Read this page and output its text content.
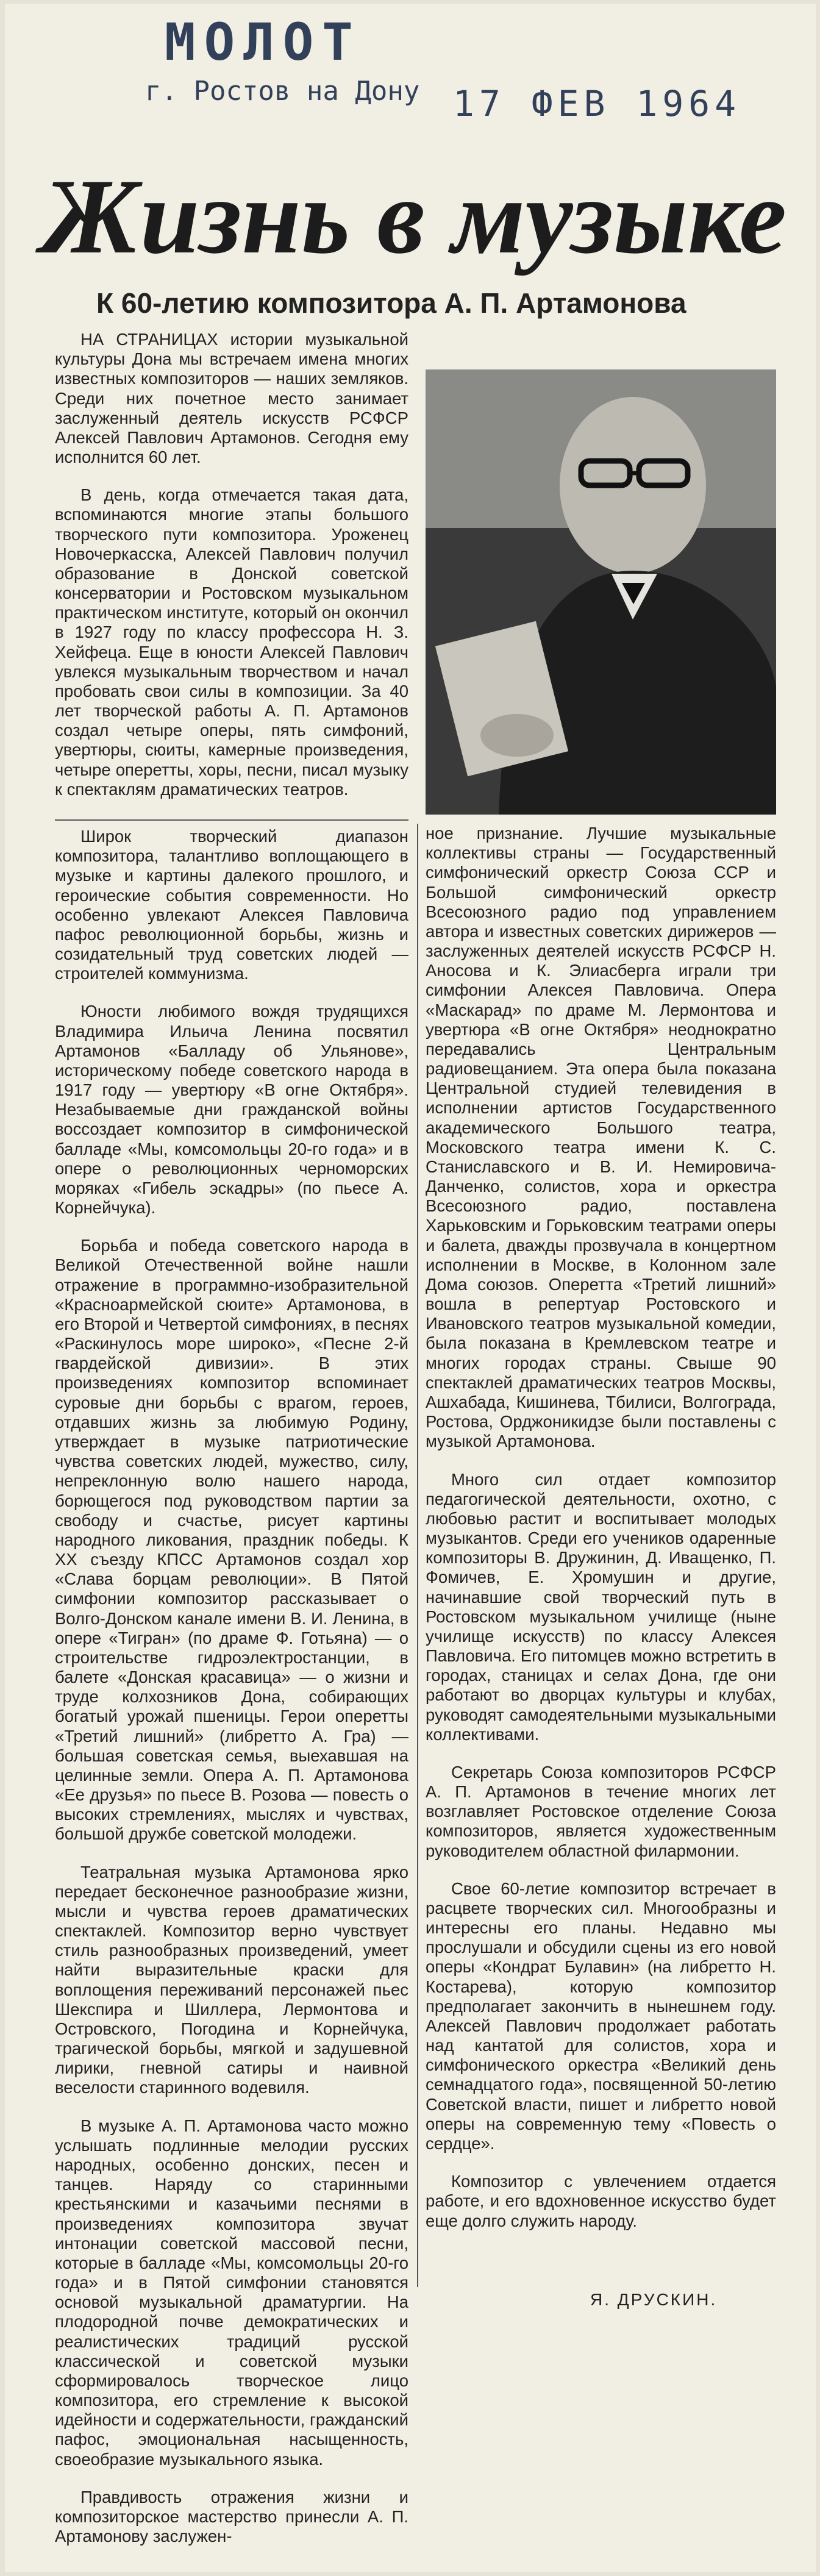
МОЛОТ
г. Ростов на Дону 17 ФЕВ 1964
Жизнь в музыке
К 60-летию композитора А. П. Артамонова

НА СТРАНИЦАХ истории музыкальной культуры Дона мы встречаем имена многих известных композиторов — наших земляков. Среди них почетное место занимает заслуженный деятель искусств РСФСР Алексей Павлович Артамонов. Сегодня ему исполнится 60 лет.

В день, когда отмечается такая дата, вспоминаются многие этапы большого творческого пути композитора. Уроженец Новочеркасска, Алексей Павлович получил образование в Донской советской консерватории и Ростовском музыкальном практическом институте, который он окончил в 1927 году по классу профессора Н. З. Хейфеца. Еще в юности Алексей Павлович увлекся музыкальным творчеством и начал пробовать свои силы в композиции. За 40 лет творческой работы А. П. Артамонов создал четыре оперы, пять симфоний, увертюры, сюиты, камерные произведения, четыре оперетты, хоры, песни, писал музыку к спектаклям драматических театров.

Широк творческий диапазон композитора, талантливо воплощающего в музыке и картины далекого прошлого, и героические события современности. Но особенно увлекают Алексея Павловича пафос революционной борьбы, жизнь и созидательный труд советских людей — строителей коммунизма.

Юности любимого вождя трудящихся Владимира Ильича Ленина посвятил Артамонов «Балладу об Ульянове», историческому победе советского народа в 1917 году — увертюру «В огне Октября». Незабываемые дни гражданской войны воссоздает композитор в симфонической балладе «Мы, комсомольцы 20-го года» и в опере о революционных черноморских моряках «Гибель эскадры» (по пьесе А. Корнейчука).

Борьба и победа советского народа в Великой Отечественной войне нашли отражение в программно-изобразительной «Красноармейской сюите» Артамонова, в его Второй и Четвертой симфониях, в песнях «Раскинулось море широко», «Песне 2-й гвардейской дивизии». В этих произведениях композитор вспоминает суровые дни борьбы с врагом, героев, отдавших жизнь за любимую Родину, утверждает в музыке патриотические чувства советских людей, мужество, силу, непреклонную волю нашего народа, борющегося под руководством партии за свободу и счастье, рисует картины народного ликования, праздник победы. К XX съезду КПСС Артамонов создал хор «Слава борцам революции». В Пятой симфонии композитор рассказывает о Волго-Донском канале имени В. И. Ленина, в опере «Тигран» (по драме Ф. Готьяна) — о строительстве гидроэлектростанции, в балете «Донская красавица» — о жизни и труде колхозников Дона, собирающих богатый урожай пшеницы. Герои оперетты «Третий лишний» (либретто А. Гра) — большая советская семья, выехавшая на целинные земли. Опера А. П. Артамонова «Ее друзья» по пьесе В. Розова — повесть о высоких стремлениях, мыслях и чувствах, большой дружбе советской молодежи.

Театральная музыка Артамонова ярко передает бесконечное разнообразие жизни, мысли и чувства героев драматических спектаклей. Композитор верно чувствует стиль разнообразных произведений, умеет найти выразительные краски для воплощения переживаний персонажей пьес Шекспира и Шиллера, Лермонтова и Островского, Погодина и Корнейчука, трагической борьбы, мягкой и задушевной лирики, гневной сатиры и наивной веселости старинного водевиля.

В музыке А. П. Артамонова часто можно услышать подлинные мелодии русских народных, особенно донских, песен и танцев. Наряду со старинными крестьянскими и казачьими песнями в произведениях композитора звучат интонации советской массовой песни, которые в балладе «Мы, комсомольцы 20-го года» и в Пятой симфонии становятся основой музыкальной драматургии. На плодородной почве демократических и реалистических традиций русской классической и советской музыки сформировалось творческое лицо композитора, его стремление к высокой идейности и содержательности, гражданский пафос, эмоциональная насыщенность, своеобразие музыкального языка.

Правдивость отражения жизни и композиторское мастерство принесли А. П. Артамонову заслужен-

ное признание. Лучшие музыкальные коллективы страны — Государственный симфонический оркестр Союза ССР и Большой симфонический оркестр Всесоюзного радио под управлением автора и известных советских дирижеров — заслуженных деятелей искусств РСФСР Н. Аносова и К. Элиасберга играли три симфонии Алексея Павловича. Опера «Маскарад» по драме М. Лермонтова и увертюра «В огне Октября» неоднократно передавались Центральным радиовещанием. Эта опера была показана Центральной студией телевидения в исполнении артистов Государственного академического Большого театра, Московского театра имени К. С. Станиславского и В. И. Немировича-Данченко, солистов, хора и оркестра Всесоюзного радио, поставлена Харьковским и Горьковским театрами оперы и балета, дважды прозвучала в концертном исполнении в Москве, в Колонном зале Дома союзов. Оперетта «Третий лишний» вошла в репертуар Ростовского и Ивановского театров музыкальной комедии, была показана в Кремлевском театре и многих городах страны. Свыше 90 спектаклей драматических театров Москвы, Ашхабада, Кишинева, Тбилиси, Волгограда, Ростова, Орджоникидзе были поставлены с музыкой Артамонова.

Много сил отдает композитор педагогической деятельности, охотно, с любовью растит и воспитывает молодых музыкантов. Среди его учеников одаренные композиторы В. Дружинин, Д. Иващенко, П. Фомичев, Е. Хромушин и другие, начинавшие свой творческий путь в Ростовском музыкальном училище (ныне училище искусств) по классу Алексея Павловича. Его питомцев можно встретить в городах, станицах и селах Дона, где они работают во дворцах культуры и клубах, руководят самодеятельными музыкальными коллективами.

Секретарь Союза композиторов РСФСР А. П. Артамонов в течение многих лет возглавляет Ростовское отделение Союза композиторов, является художественным руководителем областной филармонии.

Свое 60-летие композитор встречает в расцвете творческих сил. Многообразны и интересны его планы. Недавно мы прослушали и обсудили сцены из его новой оперы «Кондрат Булавин» (на либретто Н. Костарева), которую композитор предполагает закончить в нынешнем году. Алексей Павлович продолжает работать над кантатой для солистов, хора и симфонического оркестра «Великий день семнадцатого года», посвященной 50-летию Советской власти, пишет и либретто новой оперы на современную тему «Повесть о сердце».

Композитор с увлечением отдается работе, и его вдохновенное искусство будет еще долго служить народу.

Я. ДРУСКИН.
